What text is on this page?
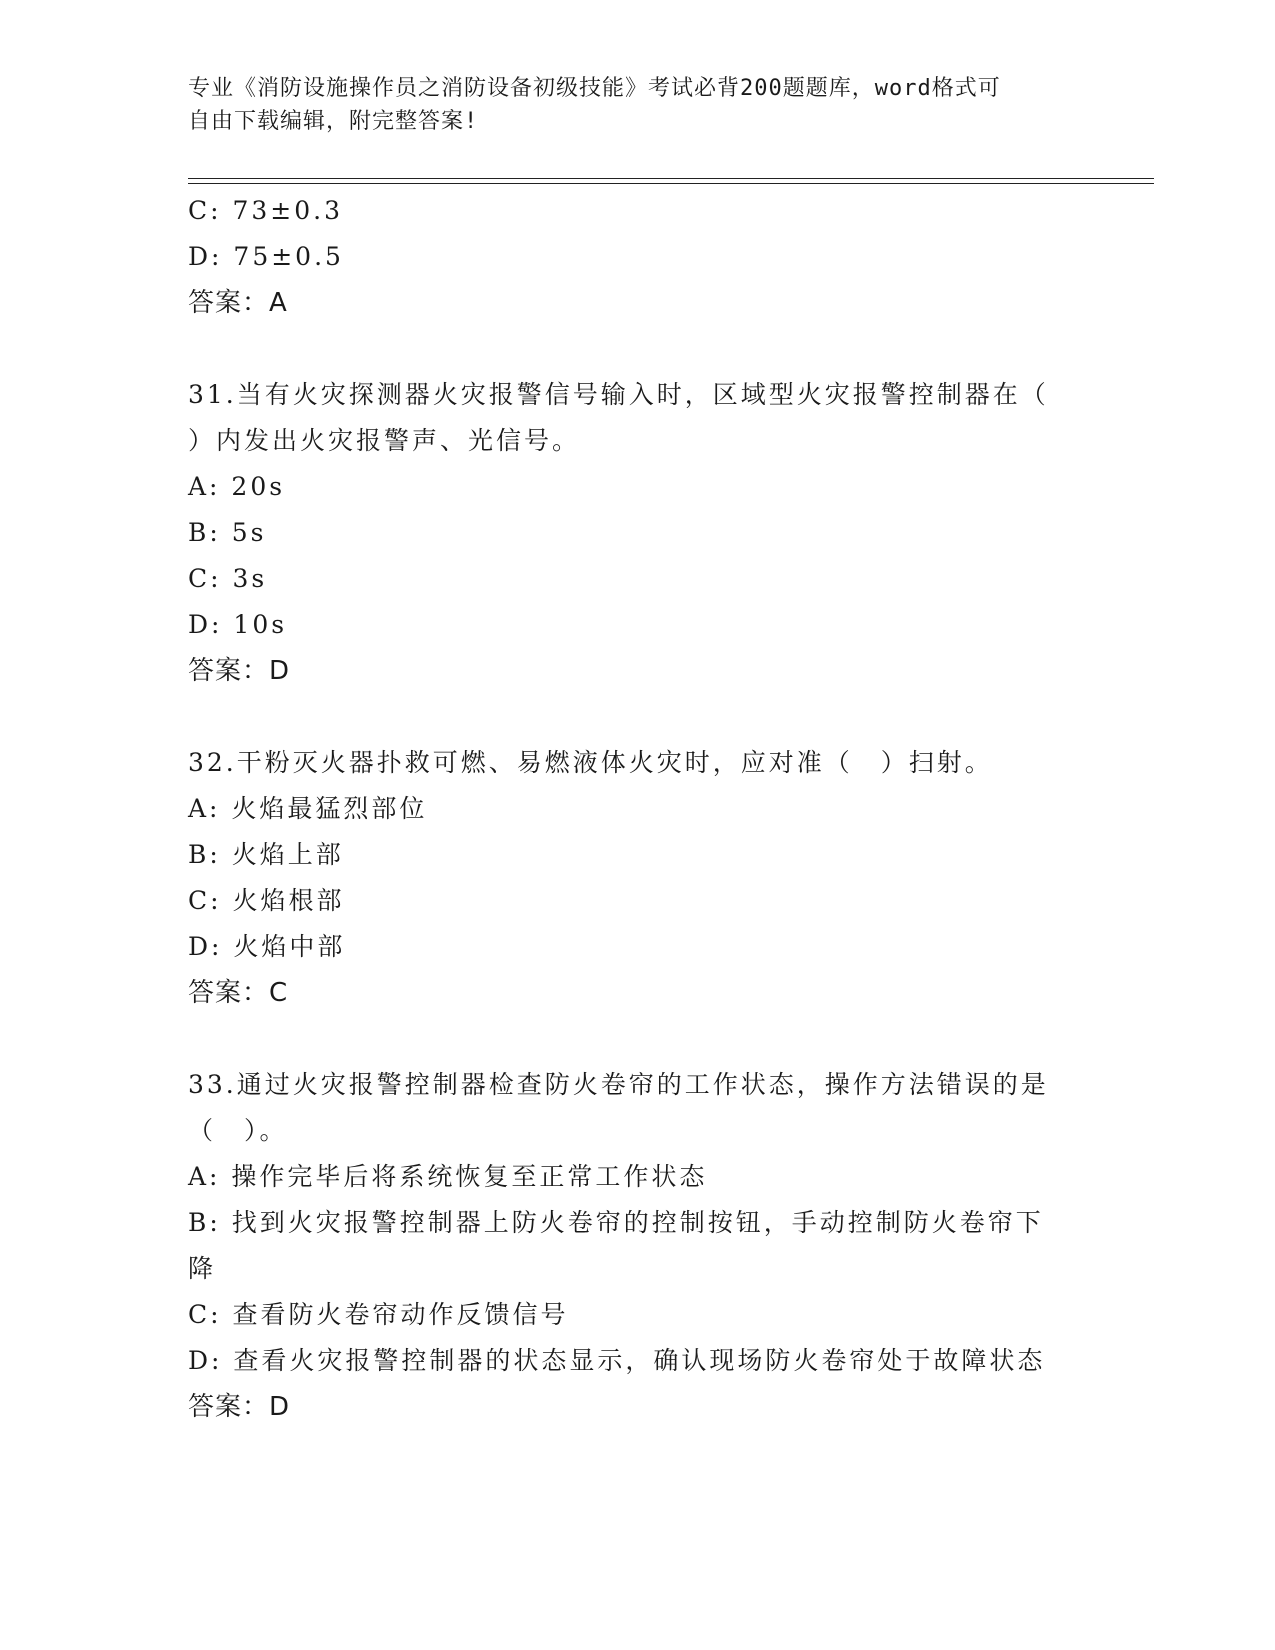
专业《消防设施操作员之消防设备初级技能》考试必背200题题库，word格式可
自由下载编辑，附完整答案!
C: 73±0.3
D: 75±0.5
答案：A
31.当有火灾探测器火灾报警信号输入时，区域型火灾报警控制器在（
）内发出火灾报警声、光信号。
A: 20s
B: 5s
C: 3s
D: 10s
答案：D
32.干粉灭火器扑救可燃、易燃液体火灾时，应对准（　）扫射。
A: 火焰最猛烈部位
B: 火焰上部
C: 火焰根部
D: 火焰中部
答案：C
33.通过火灾报警控制器检查防火卷帘的工作状态，操作方法错误的是
（　）。
A: 操作完毕后将系统恢复至正常工作状态
B: 找到火灾报警控制器上防火卷帘的控制按钮，手动控制防火卷帘下
降
C: 查看防火卷帘动作反馈信号
D: 查看火灾报警控制器的状态显示，确认现场防火卷帘处于故障状态
答案：D
